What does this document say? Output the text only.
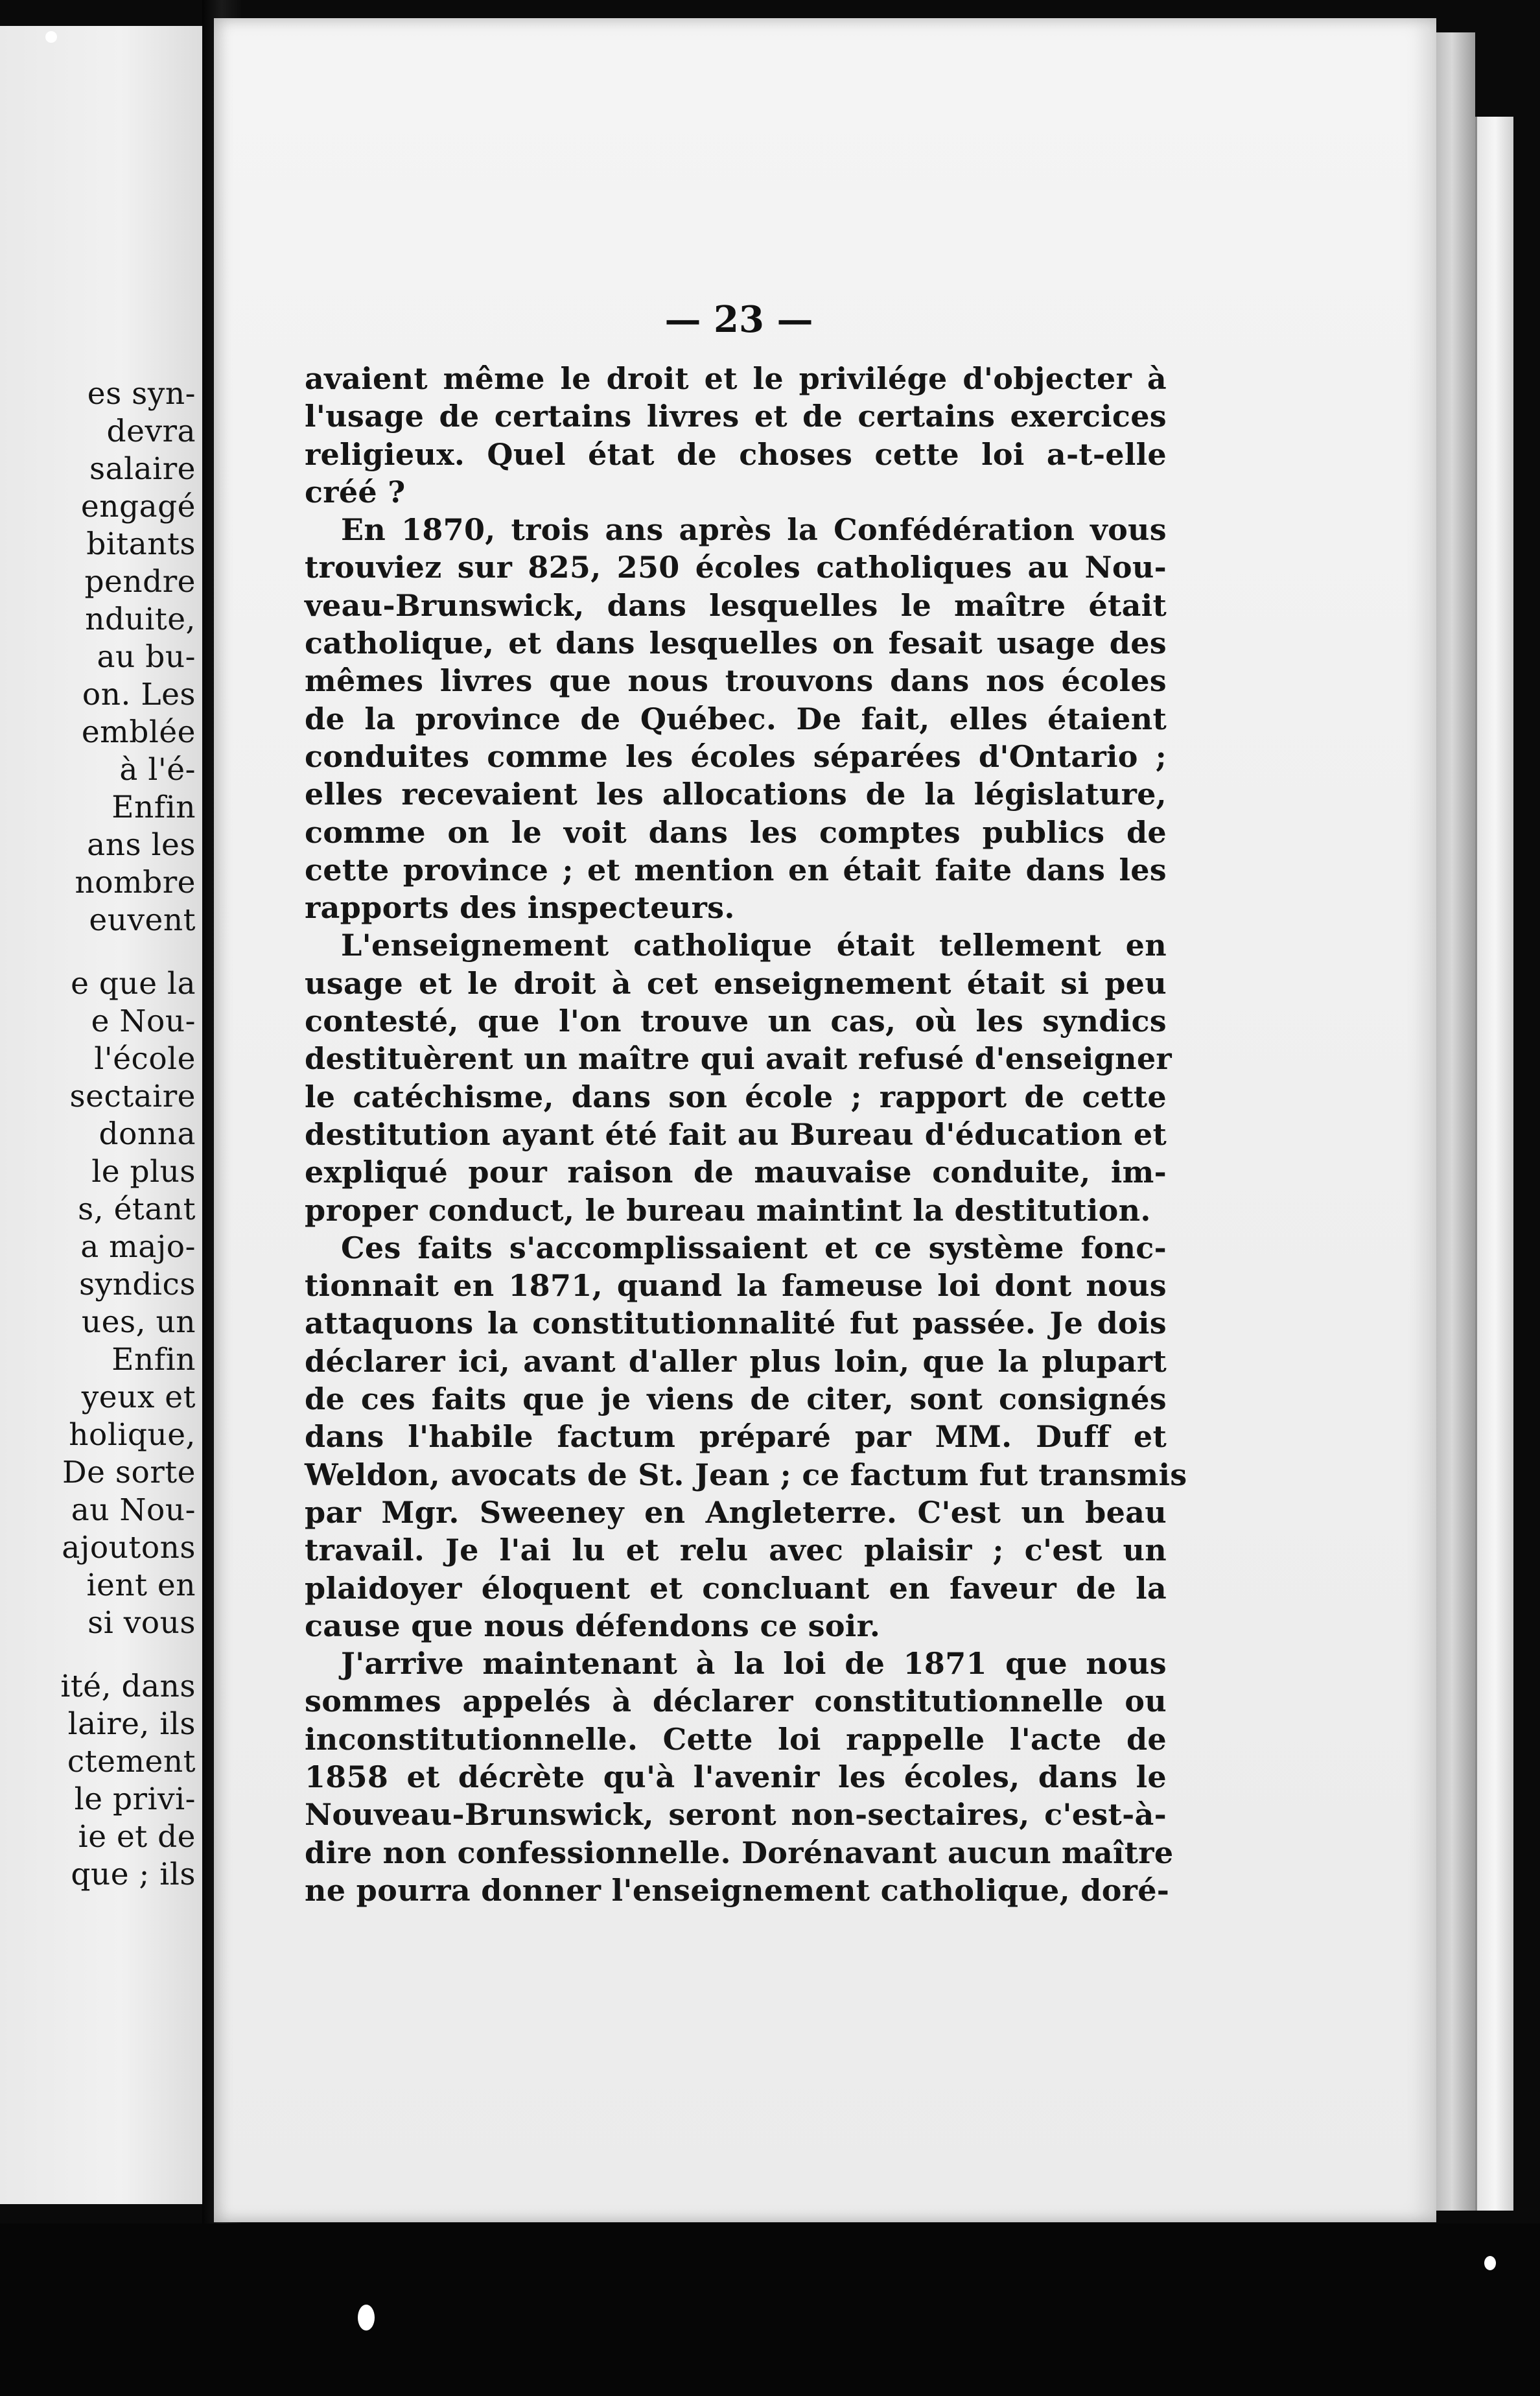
es syn-
devra
salaire
engagé
bitants
pendre
nduite,
au bu-
on. Les
emblée
à l'é-
Enfin
ans les
nombre
euvent
e que la
e Nou-
l'école
sectaire
donna
le plus
s, étant
a majo-
syndics
ues, un
Enfin
yeux et
holique,
De sorte
au Nou-
ajoutons
ient en
si vous
ité, dans
laire, ils
ctement
le privi-
ie et de
que ; ils
— 23 —
avaient même le droit et le privilége d'objecter à
l'usage de certains livres et de certains exercices
religieux. Quel état de choses cette loi a-t-elle
créé ?
En 1870, trois ans après la Confédération vous
trouviez sur 825, 250 écoles catholiques au Nou-
veau-Brunswick, dans lesquelles le maître était
catholique, et dans lesquelles on fesait usage des
mêmes livres que nous trouvons dans nos écoles
de la province de Québec. De fait, elles étaient
conduites comme les écoles séparées d'Ontario ;
elles recevaient les allocations de la législature,
comme on le voit dans les comptes publics de
cette province ; et mention en était faite dans les
rapports des inspecteurs.
L'enseignement catholique était tellement en
usage et le droit à cet enseignement était si peu
contesté, que l'on trouve un cas, où les syndics
destituèrent un maître qui avait refusé d'enseigner
le catéchisme, dans son école ; rapport de cette
destitution ayant été fait au Bureau d'éducation et
expliqué pour raison de mauvaise conduite, im-
proper conduct, le bureau maintint la destitution.
Ces faits s'accomplissaient et ce système fonc-
tionnait en 1871, quand la fameuse loi dont nous
attaquons la constitutionnalité fut passée. Je dois
déclarer ici, avant d'aller plus loin, que la plupart
de ces faits que je viens de citer, sont consignés
dans l'habile factum préparé par MM. Duff et
Weldon, avocats de St. Jean ; ce factum fut transmis
par Mgr. Sweeney en Angleterre. C'est un beau
travail. Je l'ai lu et relu avec plaisir ; c'est un
plaidoyer éloquent et concluant en faveur de la
cause que nous défendons ce soir.
J'arrive maintenant à la loi de 1871 que nous
sommes appelés à déclarer constitutionnelle ou
inconstitutionnelle. Cette loi rappelle l'acte de
1858 et décrète qu'à l'avenir les écoles, dans le
Nouveau-Brunswick, seront non-sectaires, c'est-à-
dire non confessionnelle. Dorénavant aucun maître
ne pourra donner l'enseignement catholique, doré-
